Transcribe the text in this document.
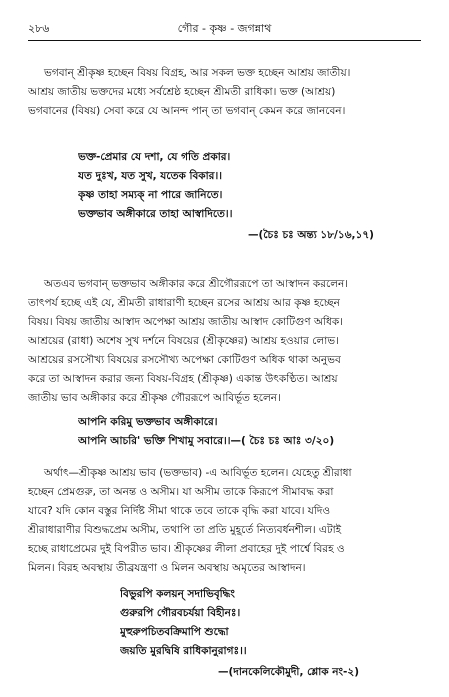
২৮৬	গৌর - কৃষ্ণ - জগন্নাথ
ভগবান্ শ্রীকৃষ্ণ হচ্ছেন বিষয় বিগ্রহ, আর সকল ভক্ত হচ্ছেন আশ্রয় জাতীয়।
আশ্রয় জাতীয় ভক্তদের মধ্যে সর্বশ্রেষ্ঠ হচ্ছেন শ্রীমতী রাধিকা। ভক্ত (আশ্রয়)
ভগবানের (বিষয়) সেবা করে যে আনন্দ পান্ তা ভগবান্ কেমন করে জানবেন।
ভক্ত-প্রেমার যে দশা, যে গতি প্রকার।
যত দুঃখ, যত সুখ, যতেক বিকার।।
কৃষ্ণ তাহা সম্যক্ না পারে জানিতে।
ভক্তভাব অঙ্গীকারে তাহা আস্বাদিতে।।
—(চৈঃ চঃ অন্ত্য ১৮/১৬,১৭)
অতএব ভগবান্ ভক্তভাব অঙ্গীকার করে শ্রীগৌররূপে তা আস্বাদন করলেন।
তাৎপর্য হচ্ছে এই যে, শ্রীমতী রাধারাণী হচ্ছেন রসের আশ্রয় আর কৃষ্ণ হচ্ছেন
বিষয়। বিষয় জাতীয় আস্বাদ অপেক্ষা আশ্রয় জাতীয় আস্বাদ কোটিগুণ অধিক।
আশ্রয়ের (রাধা) অশেষ সুখ দর্শনে বিষয়ের (শ্রীকৃষ্ণের) আশ্রয় হওয়ার লোভ।
আশ্রয়ের রসসৌখ্য বিষয়ের রসসৌখ্য অপেক্ষা কোটিগুণ অধিক থাকা অনুভব
করে তা আস্বাদন করার জন্য বিষয়-বিগ্রহ (শ্রীকৃষ্ণ) একান্ত উৎকণ্ঠিত। আশ্রয়
জাতীয় ভাব অঙ্গীকার করে শ্রীকৃষ্ণ গৌররূপে আবির্ভূত হলেন।
আপনি করিমু ভক্তভাব অঙ্গীকারে।
আপনি আচরি' ভক্তি শিখামু সবারে।।—( চৈঃ চঃ আঃ ৩/২০)
অর্থাৎ—শ্রীকৃষ্ণ আশ্রয় ভাব (ভক্তভাব) -এ আবির্ভূত হলেন। যেহেতু শ্রীরাধা
হচ্ছেন প্রেমগুরু, তা অনন্ত ও অসীম। যা অসীম তাকে কিরূপে সীমাবদ্ধ করা
যাবে? যদি কোন বস্তুর নির্দিষ্ট সীমা থাকে তবে তাকে বৃদ্ধি করা যাবে। যদিও
শ্রীরাধারাণীর বিশুদ্ধপ্রেম অসীম, তথাপি তা প্রতি মুহূর্তে নিত্যবর্ধনশীল। এটাই
হচ্ছে রাধাপ্রেমের দুই বিপরীত ভাব। শ্রীকৃষ্ণের লীলা প্রবাহের দুই পার্শ্বে বিরহ ও
মিলন। বিরহ অবস্থায় তীব্রযন্ত্রণা ও মিলন অবস্থায় অমৃতের আস্বাদন।
বিভুরপি কলয়ন্ সদাভিবৃদ্ধিং
গুরুরপি গৌরবচর্যয়া বিহীনঃ।
মুহুরুপচিতবক্রিমাপি শুদ্ধো
জয়তি মুরদ্বিষি রাধিকানুরাগঃ।।
—(দানকেলিকৌমুদী, শ্লোক নং-২)
